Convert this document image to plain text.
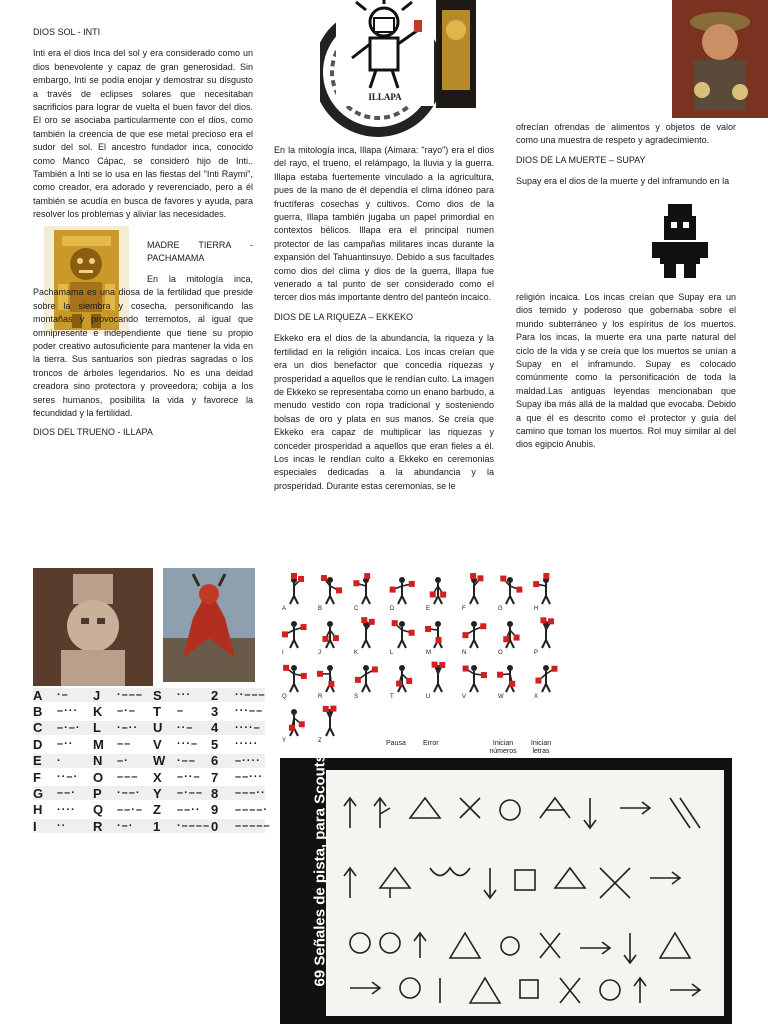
DIOS SOL - INTI

Inti era el dios Inca del sol y era considerado como un dios benevolente y capaz de gran generosidad. Sin embargo, Inti se podía enojar y demostrar su disgusto a través de eclipses solares que necesitaban sacrificios para lograr de vuelta el buen favor del dios. El oro se asociaba particularmente con el dios, como también la creencia de que ese metal precioso era el sudor del sol. El ancestro fundador inca, conocido como Manco Cápac, se consideró hijo de Inti.. También a Inti se lo usa en las fiestas del "Inti Raymi", como creador, era adorado y reverenciado, pero a él también se acudía en busca de favores y ayuda, para resolver los problemas y aliviar las necesidades.

MADRE TIERRA - PACHAMAMA

En la mitología inca, Pachamama es una diosa de la fertilidad que preside sobre la siembra y cosecha, personificando las montañas y provocando terremotos, al igual que omnipresente e independiente que tiene su propio poder creativo autosuficiente para mantener la vida en la tierra. Sus santuarios son piedras sagradas o los troncos de árboles legendarios. No es una deidad creadora sino protectora y proveedora; cobija a los seres humanos, posibilita la vida y favorece la fecundidad y la fertilidad.

DIOS DEL TRUENO - ILLAPA
ILLAPA

En la mitología inca, Illapa (Aimara: "rayo") era el dios del rayo, el trueno, el relámpago, la lluvia y la guerra. Illapa estaba fuertemente vinculado a la agricultura, pues de la mano de él dependía el clima idóneo para fructíferas cosechas y cultivos. Como dios de la guerra, Illapa también jugaba un papel primordial en contextos bélicos. Illapa era el principal numen protector de las campañas militares incas durante la expansión del Tahuantinsuyo. Debido a sus facultades como dios del clima y dios de la guerra, Illapa fue venerado a tal punto de ser considerado como el tercer dios más importante dentro del panteón incaico.

DIOS DE LA RIQUEZA – EKKEKO

Ekkeko era el dios de la abundancia, la riqueza y la fertilidad en la religión incaica. Los incas creían que era un dios benefactor que concedía riquezas y prosperidad a aquellos que le rendían culto. La imagen de Ekkeko se representaba como un enano barbudo, a menudo vestido con ropa tradicional y sosteniendo bolsas de oro y plata en sus manos. Se creía que Ekkeko era capaz de multiplicar las riquezas y conceder prosperidad a aquellos que eran fieles a él. Los incas le rendían culto a Ekkeko en ceremonias especiales dedicadas a la abundancia y la prosperidad. Durante estas ceremonias, se le

ofrecían ofrendas de alimentos y objetos de valor como una muestra de respeto y agradecimiento.

DIOS DE LA MUERTE – SUPAY

Supay era el dios de la muerte y del inframundo en la

religión incaica. Los incas creían que Supay era un dios temido y poderoso que gobernaba sobre el mundo subterráneo y los espíritus de los muertos. Para los incas, la muerte era una parte natural del ciclo de la vida y se creía que los muertos se unían a Supay en el inframundo. Supay es colocado comúnmente como la personificación de toda la maldad.Las antiguas leyendas mencionaban que Supay iba más allá de la maldad que evocaba. Debido a que él es descrito como el protector y guía del camino que toman los muertos. Rol muy similar al del dios egipcio Anubis.

A	·– J	·––– S	··· 2	··–––
B	–··· K	–·– T	– 3	···––
C	–·–· L	·–·· U	··– 4	····–
D	–·· M –– V	···– 5	·····
E	· N	–· W ·–– 6	–····
F	··–· O	––– X	–··– 7	––···
G	––· P	·––· Y	–·–– 8	–––··
H	···· Q	––·– Z	––·· 9	––––·
I	·· R	·–· 1	·–––– 0	–––––
Pausa Error	Inician números
Inician letras
A	B	C	D	E	F	G	H
I	J	K	L	M	N	O	P
Q	R	S	T	U	V	W	X
Y	Z
69 Señales de pista, para Scouts
